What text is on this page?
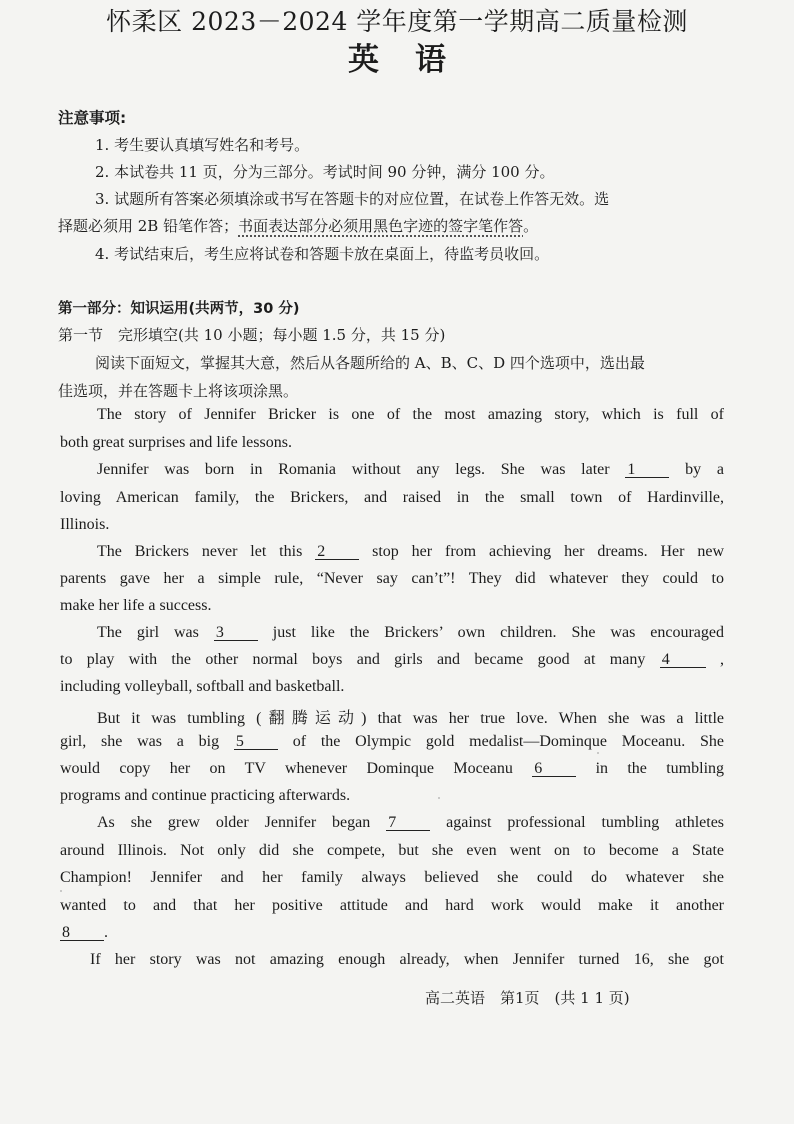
怀柔区 2023－2024 学年度第一学期高二质量检测
英语
注意事项:
1. 考生要认真填写姓名和考号。
2. 本试卷共 11 页，分为三部分。考试时间 90 分钟，满分 100 分。
3. 试题所有答案必须填涂或书写在答题卡的对应位置，在试卷上作答无效。选
择题必须用 2B 铅笔作答；书面表达部分必须用黑色字迹的签字笔作答。
4. 考试结束后，考生应将试卷和答题卡放在桌面上，待监考员收回。
第一部分：知识运用(共两节，30 分)
第一节　完形填空(共 10 小题；每小题 1.5 分，共 15 分)
阅读下面短文，掌握其大意，然后从各题所给的 A、B、C、D 四个选项中，选出最
佳选项，并在答题卡上将该项涂黑。
The story of Jennifer Bricker is one of the most amazing story, which is full of
both great surprises and life lessons.
Jennifer was born in Romania without any legs. She was later 1	by a
loving American family, the Brickers, and raised in the small town of Hardinville,
Illinois.
The Brickers never let this 2	stop her from achieving her dreams. Her new
parents gave her a simple rule, “Never say can’t”! They did whatever they could to
make her life a success.
The girl was 3	just like the Brickers’ own children. She was encouraged
to play with the other normal boys and girls and became good at many 4	,
including volleyball, softball and basketball.
But it was tumbling (翻腾运动) that was her true love. When she was a little
girl, she was a big 5	of the Olympic gold medalist—Dominque Moceanu. She
would copy her on TV whenever Dominque Moceanu 6	in the tumbling
programs and continue practicing afterwards.
As she grew older Jennifer began 7	against professional tumbling athletes
around Illinois. Not only did she compete, but she even went on to become a State
Champion! Jennifer and her family always believed she could do whatever she
wanted to and that her positive attitude and hard work would make it another
8 .
If her story was not amazing enough already, when Jennifer turned 16, she got
高二英语　第1页　(共 1 1 页)
